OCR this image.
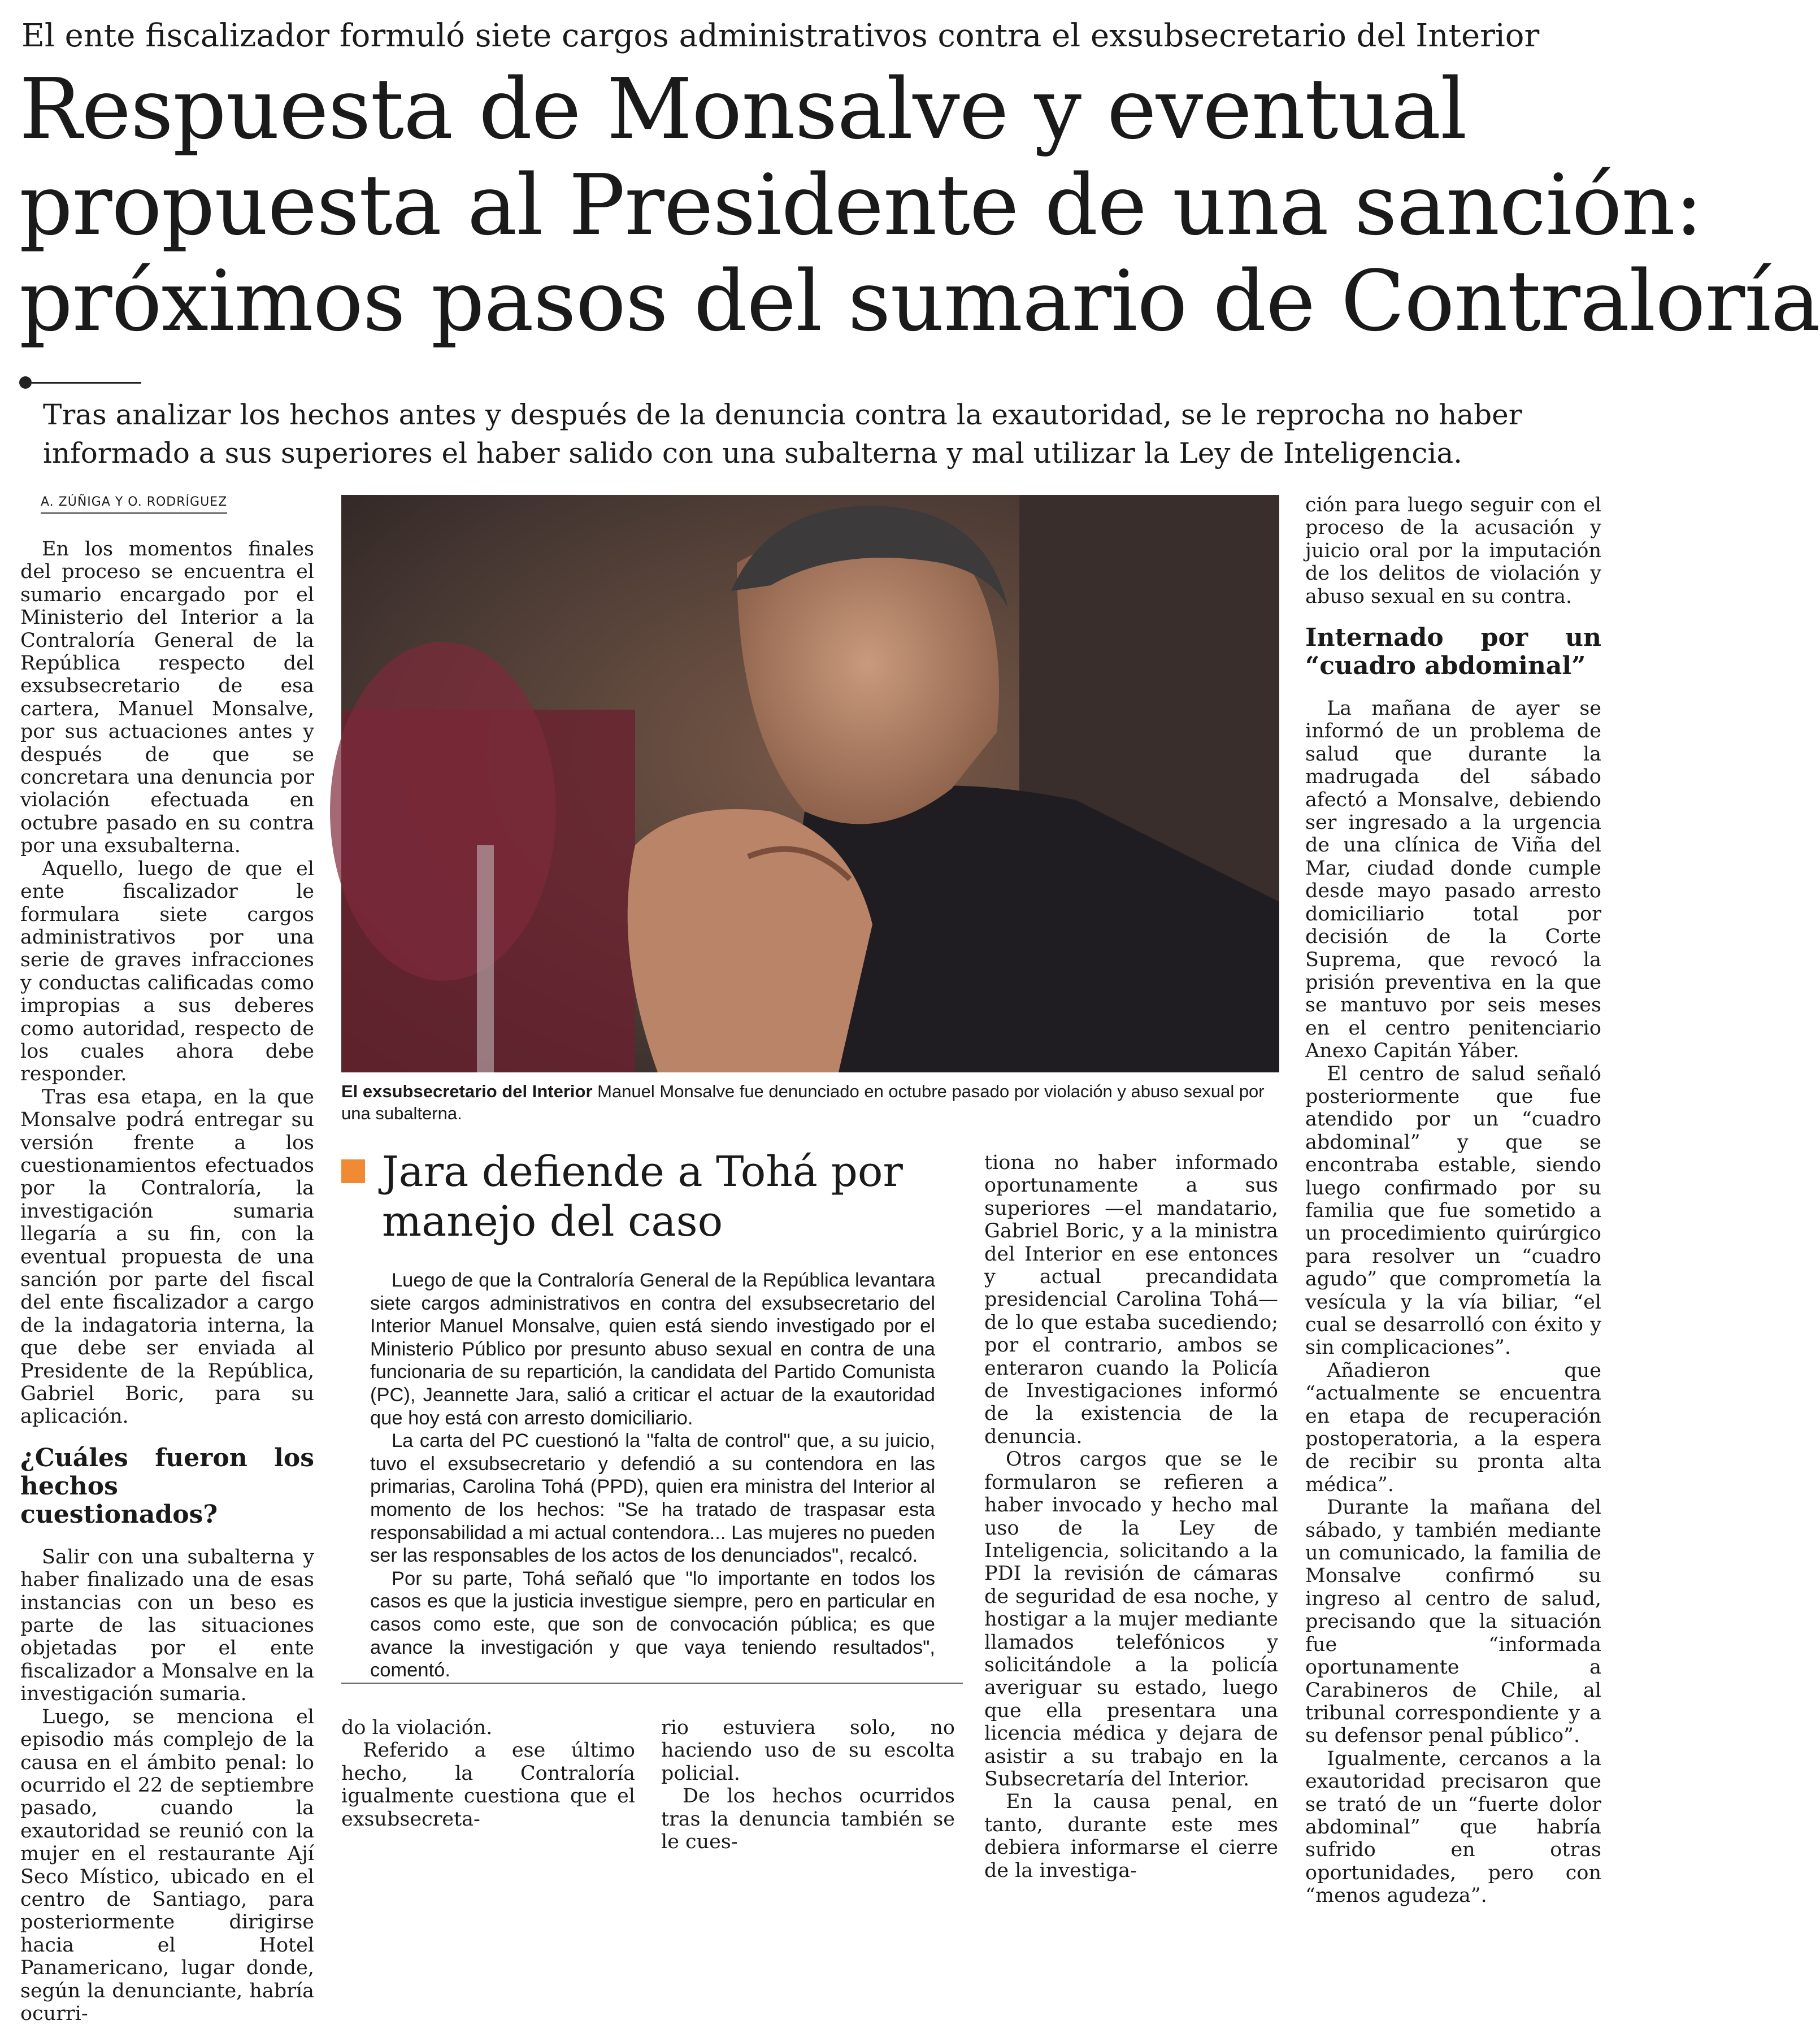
El ente fiscalizador formuló siete cargos administrativos contra el exsubsecretario del Interior
Respuesta de Monsalve y eventual
propuesta al Presidente de una sanción:
próximos pasos del sumario de Contraloría
Tras analizar los hechos antes y después de la denuncia contra la exautoridad, se le reprocha no haber
informado a sus superiores el haber salido con una subalterna y mal utilizar la Ley de Inteligencia.
A. ZÚÑIGA Y O. RODRÍGUEZ

En los momentos finales del proceso se encuentra el sumario encargado por el Ministerio del Interior a la Contraloría General de la República respecto del exsubsecretario de esa cartera, Manuel Monsalve, por sus actuaciones antes y después de que se concretara una denuncia por violación efectuada en octubre pasado en su contra por una exsubalterna.

Aquello, luego de que el ente fiscalizador le formulara siete cargos administrativos por una serie de graves infracciones y conductas calificadas como impropias a sus deberes como autoridad, respecto de los cuales ahora debe responder.

Tras esa etapa, en la que Monsalve podrá entregar su versión frente a los cuestionamientos efectuados por la Contraloría, la investigación sumaria llegaría a su fin, con la eventual propuesta de una sanción por parte del fiscal del ente fiscalizador a cargo de la indagatoria interna, la que debe ser enviada al Presidente de la República, Gabriel Boric, para su aplicación.

¿Cuáles fueron los hechos cuestionados?

Salir con una subalterna y haber finalizado una de esas instancias con un beso es parte de las situaciones objetadas por el ente fiscalizador a Monsalve en la investigación sumaria.

Luego, se menciona el episodio más complejo de la causa en el ámbito penal: lo ocurrido el 22 de septiembre pasado, cuando la exautoridad se reunió con la mujer en el restaurante Ají Seco Místico, ubicado en el centro de Santiago, para posteriormente dirigirse hacia el Hotel Panamericano, lugar donde, según la denunciante, habría ocurri-

El exsubsecretario del Interior Manuel Monsalve fue denunciado en octubre pasado por violación y abuso sexual por una subalterna.
Jara defiende a Tohá por manejo del caso

Luego de que la Contraloría General de la República levantara siete cargos administrativos en contra del exsubsecretario del Interior Manuel Monsalve, quien está siendo investigado por el Ministerio Público por presunto abuso sexual en contra de una funcionaria de su repartición, la candidata del Partido Comunista (PC), Jeannette Jara, salió a criticar el actuar de la exautoridad que hoy está con arresto domiciliario.

La carta del PC cuestionó la "falta de control" que, a su juicio, tuvo el exsubsecretario y defendió a su contendora en las primarias, Carolina Tohá (PPD), quien era ministra del Interior al momento de los hechos: "Se ha tratado de traspasar esta responsabilidad a mi actual contendora... Las mujeres no pueden ser las responsables de los actos de los denunciados", recalcó.

Por su parte, Tohá señaló que "lo importante en todos los casos es que la justicia investigue siempre, pero en particular en casos como este, que son de convocación pública; es que avance la investigación y que vaya teniendo resultados", comentó.

do la violación.

Referido a ese último hecho, la Contraloría igualmente cuestiona que el exsubsecreta-

rio estuviera solo, no haciendo uso de su escolta policial.

De los hechos ocurridos tras la denuncia también se le cues-

tiona no haber informado oportunamente a sus superiores —el mandatario, Gabriel Boric, y a la ministra del Interior en ese entonces y actual precandidata presidencial Carolina Tohá— de lo que estaba sucediendo; por el contrario, ambos se enteraron cuando la Policía de Investigaciones informó de la existencia de la denuncia.

Otros cargos que se le formularon se refieren a haber invocado y hecho mal uso de la Ley de Inteligencia, solicitando a la PDI la revisión de cámaras de seguridad de esa noche, y hostigar a la mujer mediante llamados telefónicos y solicitándole a la policía averiguar su estado, luego que ella presentara una licencia médica y dejara de asistir a su trabajo en la Subsecretaría del Interior.

En la causa penal, en tanto, durante este mes debiera informarse el cierre de la investiga-

ción para luego seguir con el proceso de la acusación y juicio oral por la imputación de los delitos de violación y abuso sexual en su contra.

Internado por un “cuadro abdominal”

La mañana de ayer se informó de un problema de salud que durante la madrugada del sábado afectó a Monsalve, debiendo ser ingresado a la urgencia de una clínica de Viña del Mar, ciudad donde cumple desde mayo pasado arresto domiciliario total por decisión de la Corte Suprema, que revocó la prisión preventiva en la que se mantuvo por seis meses en el centro penitenciario Anexo Capitán Yáber.

El centro de salud señaló posteriormente que fue atendido por un “cuadro abdominal” y que se encontraba estable, siendo luego confirmado por su familia que fue sometido a un procedimiento quirúrgico para resolver un “cuadro agudo” que comprometía la vesícula y la vía biliar, “el cual se desarrolló con éxito y sin complicaciones”.

Añadieron que “actualmente se encuentra en etapa de recuperación postoperatoria, a la espera de recibir su pronta alta médica”.

Durante la mañana del sábado, y también mediante un comunicado, la familia de Monsalve confirmó su ingreso al centro de salud, precisando que la situación fue “informada oportunamente a Carabineros de Chile, al tribunal correspondiente y a su defensor penal público”.

Igualmente, cercanos a la exautoridad precisaron que se trató de un “fuerte dolor abdominal” que habría sufrido en otras oportunidades, pero con “menos agudeza”.
